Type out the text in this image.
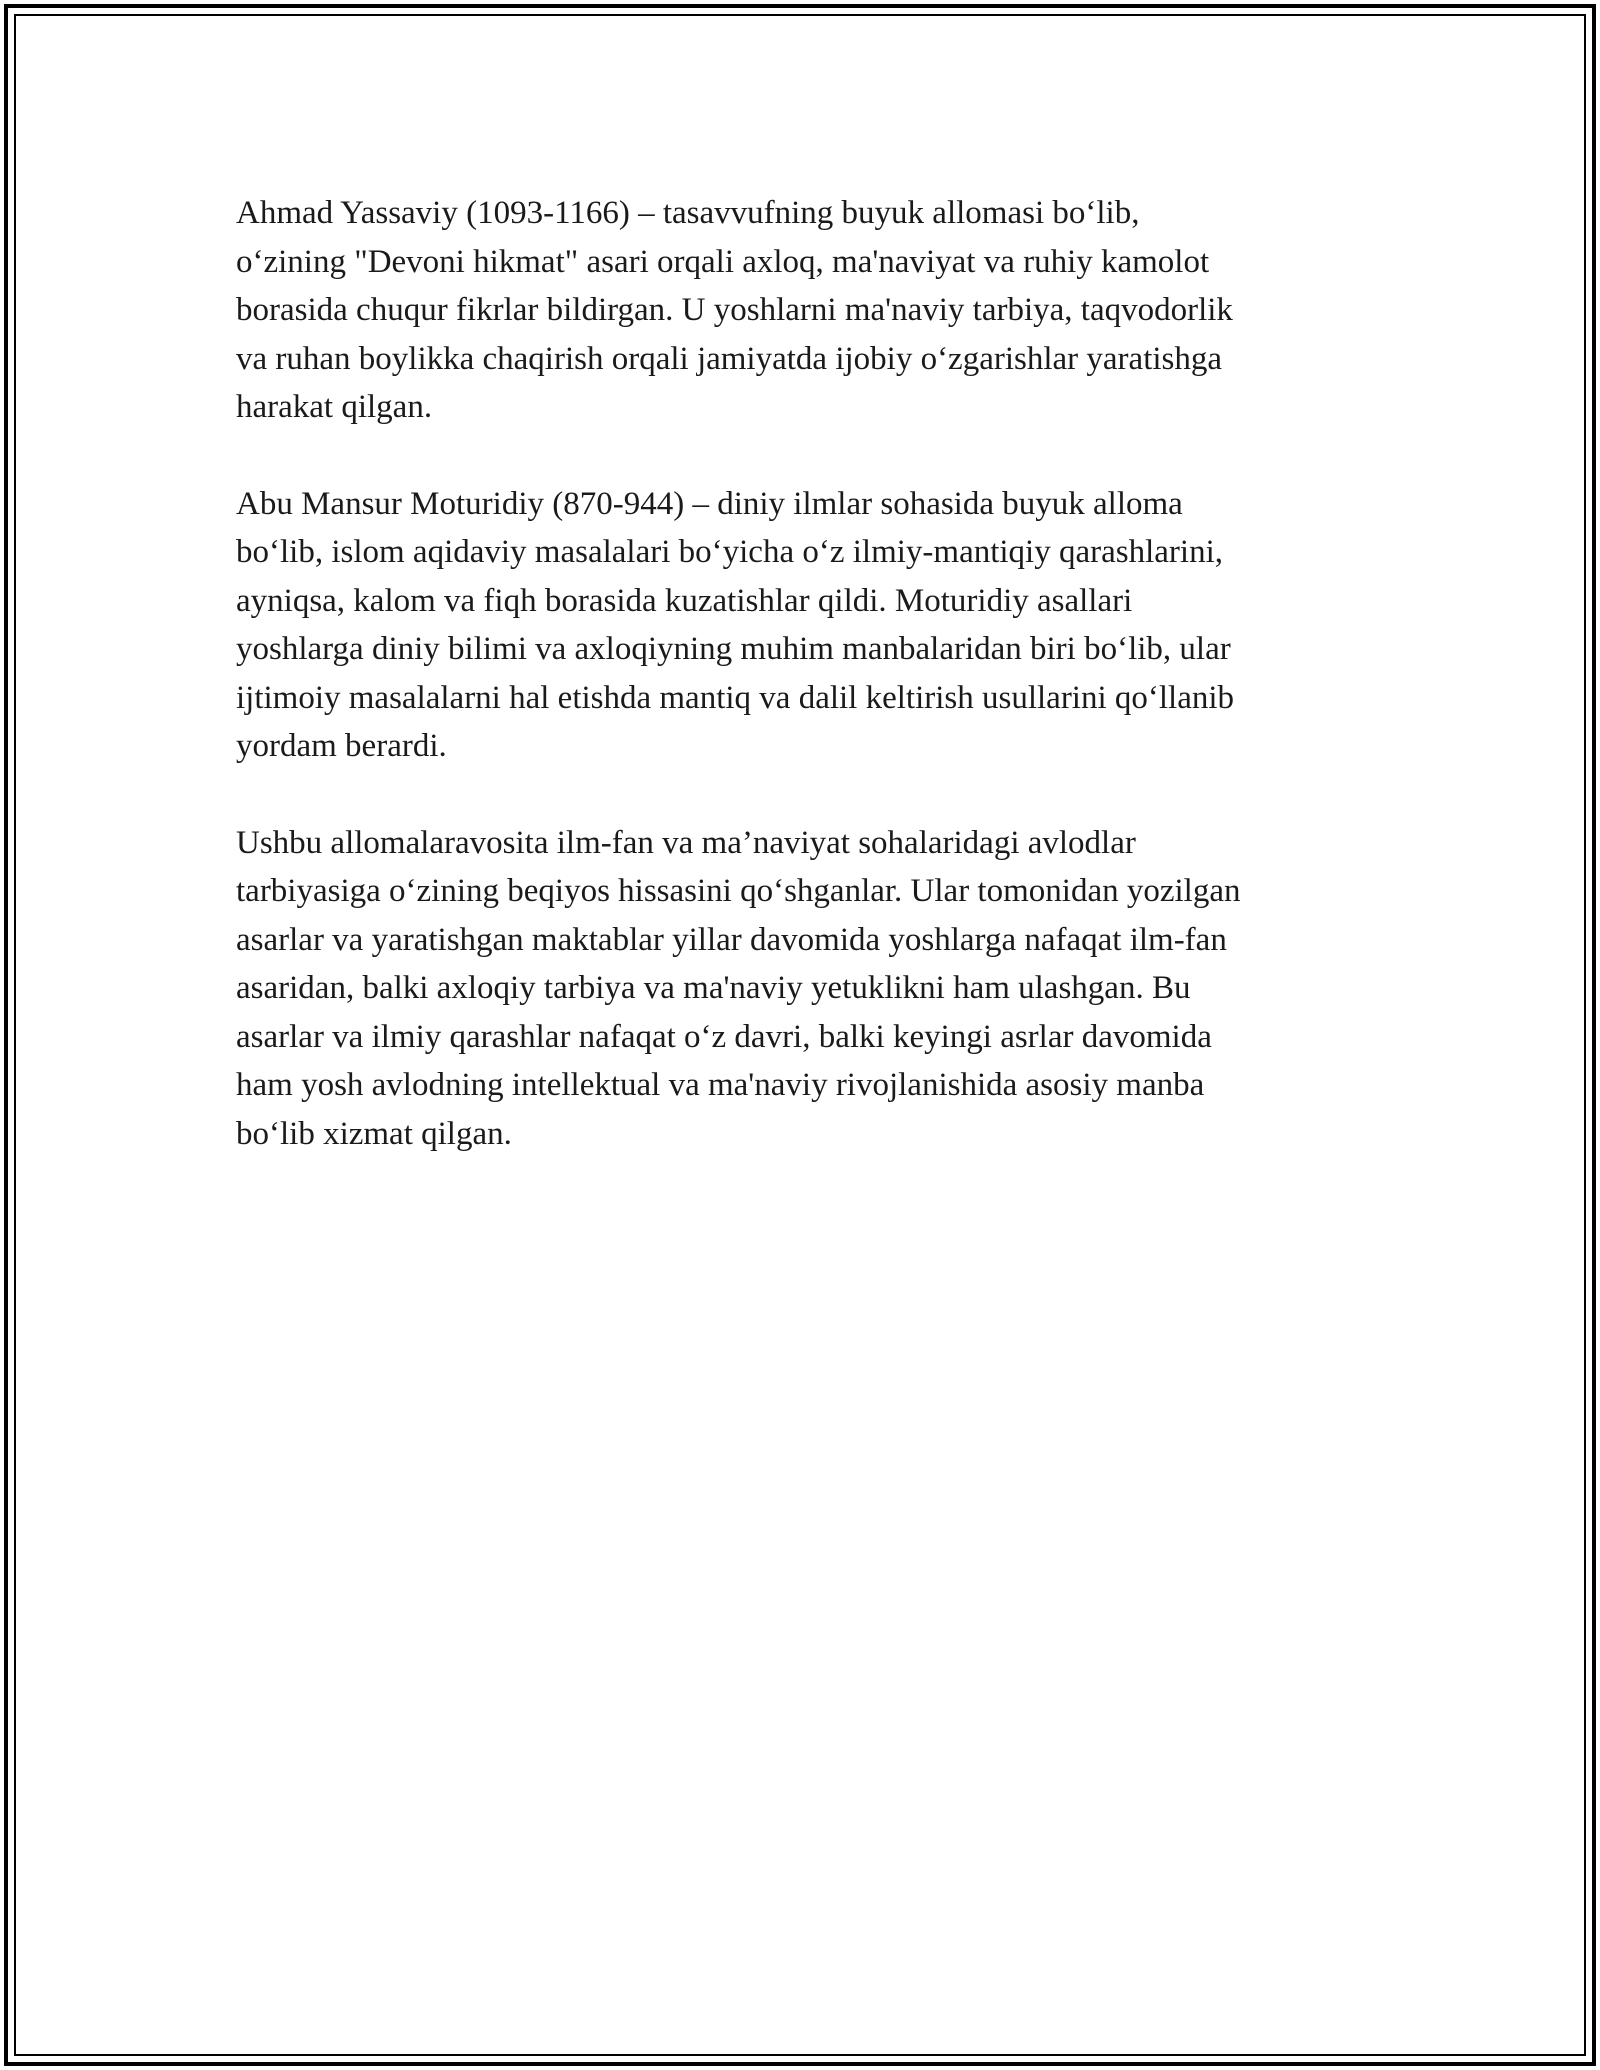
Ahmad Yassaviy (1093-1166) – tasavvufning buyuk allomasi bo‘lib,
o‘zining "Devoni hikmat" asari orqali axloq, ma'naviyat va ruhiy kamolot
borasida chuqur fikrlar bildirgan. U yoshlarni ma'naviy tarbiya, taqvodorlik
va ruhan boylikka chaqirish orqali jamiyatda ijobiy o‘zgarishlar yaratishga
harakat qilgan.

Abu Mansur Moturidiy (870-944) – diniy ilmlar sohasida buyuk alloma
bo‘lib, islom aqidaviy masalalari bo‘yicha o‘z ilmiy-mantiqiy qarashlarini,
ayniqsa, kalom va fiqh borasida kuzatishlar qildi. Moturidiy asallari
yoshlarga diniy bilimi va axloqiyning muhim manbalaridan biri bo‘lib, ular
ijtimoiy masalalarni hal etishda mantiq va dalil keltirish usullarini qo‘llanib
yordam berardi.

Ushbu allomalaravosita ilm-fan va ma’naviyat sohalaridagi avlodlar
tarbiyasiga o‘zining beqiyos hissasini qo‘shganlar. Ular tomonidan yozilgan
asarlar va yaratishgan maktablar yillar davomida yoshlarga nafaqat ilm-fan
asaridan, balki axloqiy tarbiya va ma'naviy yetuklikni ham ulashgan. Bu
asarlar va ilmiy qarashlar nafaqat o‘z davri, balki keyingi asrlar davomida
ham yosh avlodning intellektual va ma'naviy rivojlanishida asosiy manba
bo‘lib xizmat qilgan.
